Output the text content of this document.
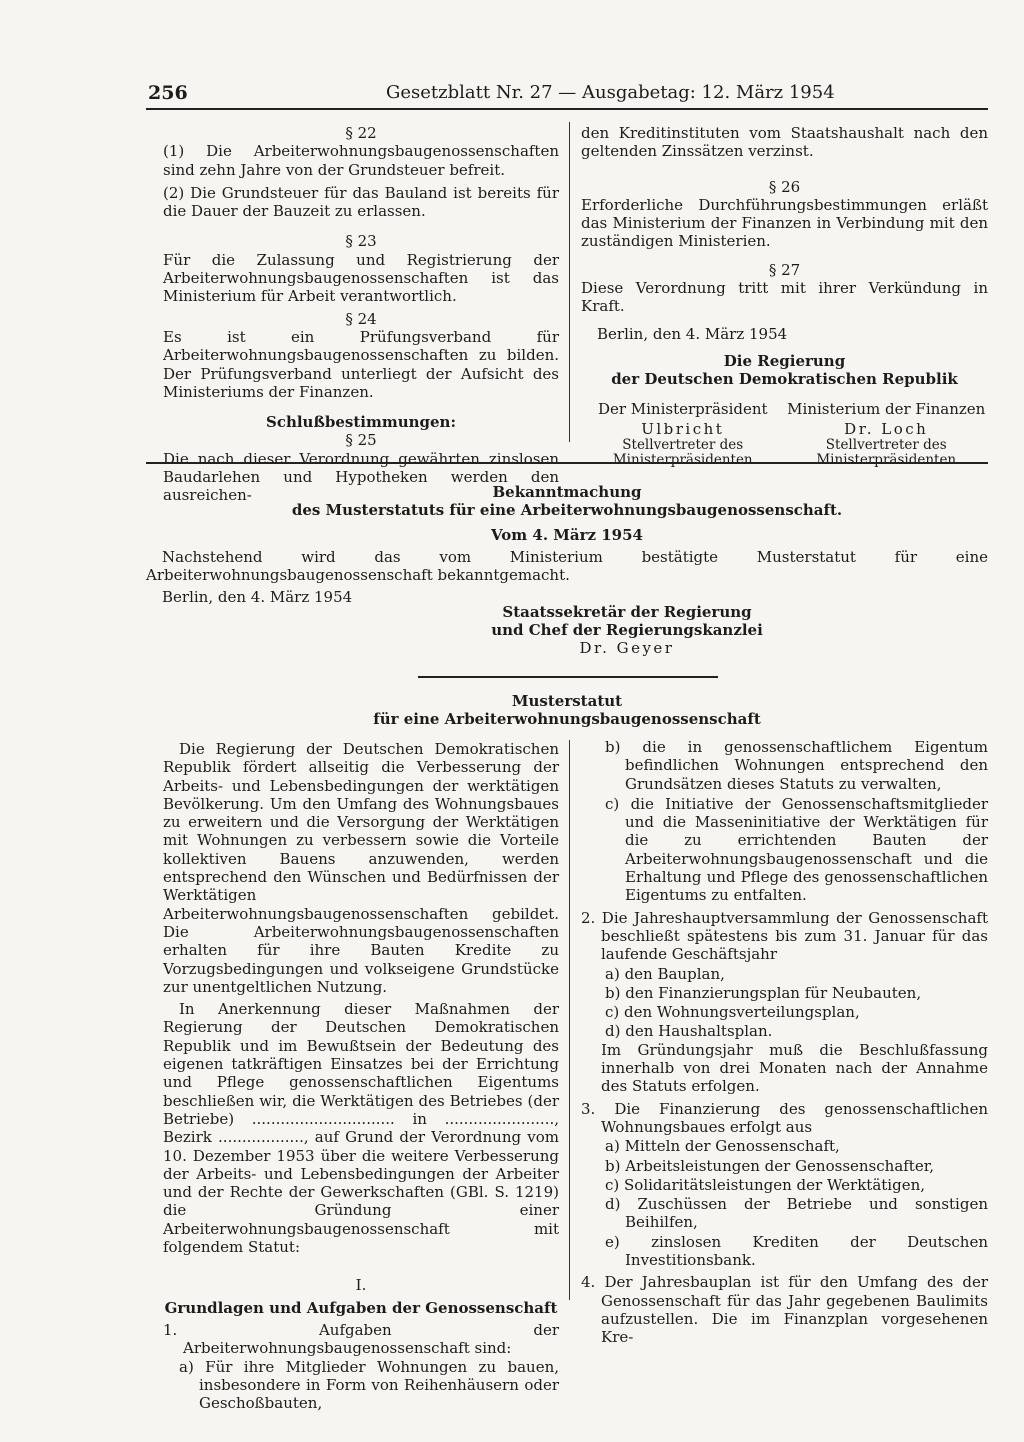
256	Gesetzblatt Nr. 27 — Ausgabetag: 12. März 1954

§ 22

(1) Die Arbeiterwohnungsbaugenossenschaften sind zehn Jahre von der Grundsteuer befreit.

(2) Die Grundsteuer für das Bauland ist bereits für die Dauer der Bauzeit zu erlassen.

§ 23

Für die Zulassung und Registrierung der Arbeiterwohnungsbaugenossenschaften ist das Ministerium für Arbeit verantwortlich.

§ 24

Es ist ein Prüfungsverband für Arbeiterwohnungsbaugenossenschaften zu bilden. Der Prüfungsverband unterliegt der Aufsicht des Ministeriums der Finanzen.

Schlußbestimmungen:

§ 25

Die nach dieser Verordnung gewährten zinslosen Baudarlehen und Hypotheken werden den ausreichen-

den Kreditinstituten vom Staatshaushalt nach den geltenden Zinssätzen verzinst.

§ 26

Erforderliche Durchführungsbestimmungen erläßt das Ministerium der Finanzen in Verbindung mit den zuständigen Ministerien.

§ 27

Diese Verordnung tritt mit ihrer Verkündung in Kraft.

Berlin, den 4. März 1954

Die Regierung

der Deutschen Demokratischen Republik

Der Ministerpräsident

Ulbricht

Stellvertreter des Ministerpräsidenten

Ministerium der Finanzen

Dr. Loch

Stellvertreter des Ministerpräsidenten

Bekanntmachung

des Musterstatuts für eine Arbeiterwohnungsbaugenossenschaft.

Vom 4. März 1954

Nachstehend wird das vom Ministerium bestätigte Musterstatut für eine Arbeiterwohnungsbaugenossenschaft bekanntgemacht.

Berlin, den 4. März 1954

Staatssekretär der Regierung

und Chef der Regierungskanzlei

Dr. Geyer

Musterstatut

für eine Arbeiterwohnungsbaugenossenschaft

Die Regierung der Deutschen Demokratischen Republik fördert allseitig die Verbesserung der Arbeits- und Lebensbedingungen der werktätigen Bevölkerung. Um den Umfang des Wohnungsbaues zu erweitern und die Versorgung der Werktätigen mit Wohnungen zu verbessern sowie die Vorteile kollektiven Bauens anzuwenden, werden entsprechend den Wünschen und Bedürfnissen der Werktätigen Arbeiterwohnungsbaugenossenschaften gebildet. Die Arbeiterwohnungsbaugenossenschaften erhalten für ihre Bauten Kredite zu Vorzugsbedingungen und volkseigene Grundstücke zur unentgeltlichen Nutzung.

In Anerkennung dieser Maßnahmen der Regierung der Deutschen Demokratischen Republik und im Bewußtsein der Bedeutung des eigenen tatkräftigen Einsatzes bei der Errichtung und Pflege genossenschaftlichen Eigentums beschließen wir, die Werktätigen des Betriebes (der Betriebe) .............................. in ......................., Bezirk .................., auf Grund der Verordnung vom 10. Dezember 1953 über die weitere Verbesserung der Arbeits- und Lebensbedingungen der Arbeiter und der Rechte der Gewerkschaften (GBl. S. 1219) die Gründung einer Arbeiterwohnungsbaugenossenschaft mit folgendem Statut:

I.

Grundlagen und Aufgaben der Genossenschaft

1. Aufgaben der Arbeiterwohnungsbaugenossenschaft sind:

a) Für ihre Mitglieder Wohnungen zu bauen, insbesondere in Form von Reihenhäusern oder Geschoßbauten,

b) die in genossenschaftlichem Eigentum befindlichen Wohnungen entsprechend den Grundsätzen dieses Statuts zu verwalten,

c) die Initiative der Genossenschaftsmitglieder und die Masseninitiative der Werktätigen für die zu errichtenden Bauten der Arbeiterwohnungsbaugenossenschaft und die Erhaltung und Pflege des genossenschaftlichen Eigentums zu entfalten.

2. Die Jahreshauptversammlung der Genossenschaft beschließt spätestens bis zum 31. Januar für das laufende Geschäftsjahr

a) den Bauplan,

b) den Finanzierungsplan für Neubauten,

c) den Wohnungsverteilungsplan,

d) den Haushaltsplan.

Im Gründungsjahr muß die Beschlußfassung innerhalb von drei Monaten nach der Annahme des Statuts erfolgen.

3. Die Finanzierung des genossenschaftlichen Wohnungsbaues erfolgt aus

a) Mitteln der Genossenschaft,

b) Arbeitsleistungen der Genossenschafter,

c) Solidaritätsleistungen der Werktätigen,

d) Zuschüssen der Betriebe und sonstigen Beihilfen,

e) zinslosen Krediten der Deutschen Investitionsbank.

4. Der Jahresbauplan ist für den Umfang des der Genossenschaft für das Jahr gegebenen Baulimits aufzustellen. Die im Finanzplan vorgesehenen Kre-
